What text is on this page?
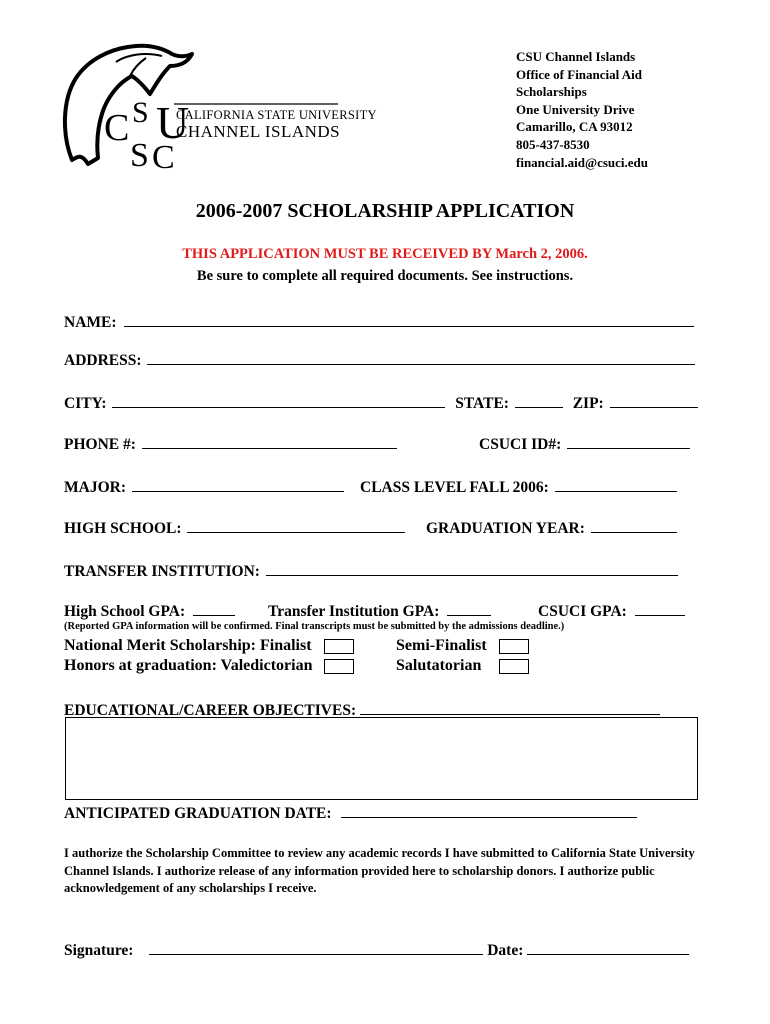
C S
S
U
C
CALIFORNIA STATE UNIVERSITY
CHANNEL ISLANDS
CSU Channel Islands
Office of Financial Aid
Scholarships
One University Drive
Camarillo, CA 93012
805-437-8530
financial.aid@csuci.edu
2006-2007 SCHOLARSHIP APPLICATION
THIS APPLICATION MUST BE RECEIVED BY March 2, 2006.
Be sure to complete all required documents. See instructions.
NAME:
ADDRESS:
CITY:	STATE:	ZIP:
PHONE #:	CSUCI ID#:
MAJOR:	CLASS LEVEL FALL 2006:
HIGH SCHOOL:	GRADUATION YEAR:
TRANSFER INSTITUTION:
High School GPA:	Transfer Institution GPA:	CSUCI GPA:
(Reported GPA information will be confirmed. Final transcripts must be submitted by the admissions deadline.)
National Merit Scholarship: Finalist	Semi-Finalist
Honors at graduation: Valedictorian	Salutatorian
EDUCATIONAL/CAREER OBJECTIVES:
ANTICIPATED GRADUATION DATE:
I authorize the Scholarship Committee to review any academic records I have submitted to California State University Channel Islands. I authorize release of any information provided here to scholarship donors. I authorize public acknowledgement of any scholarships I receive.
Signature:	Date:
